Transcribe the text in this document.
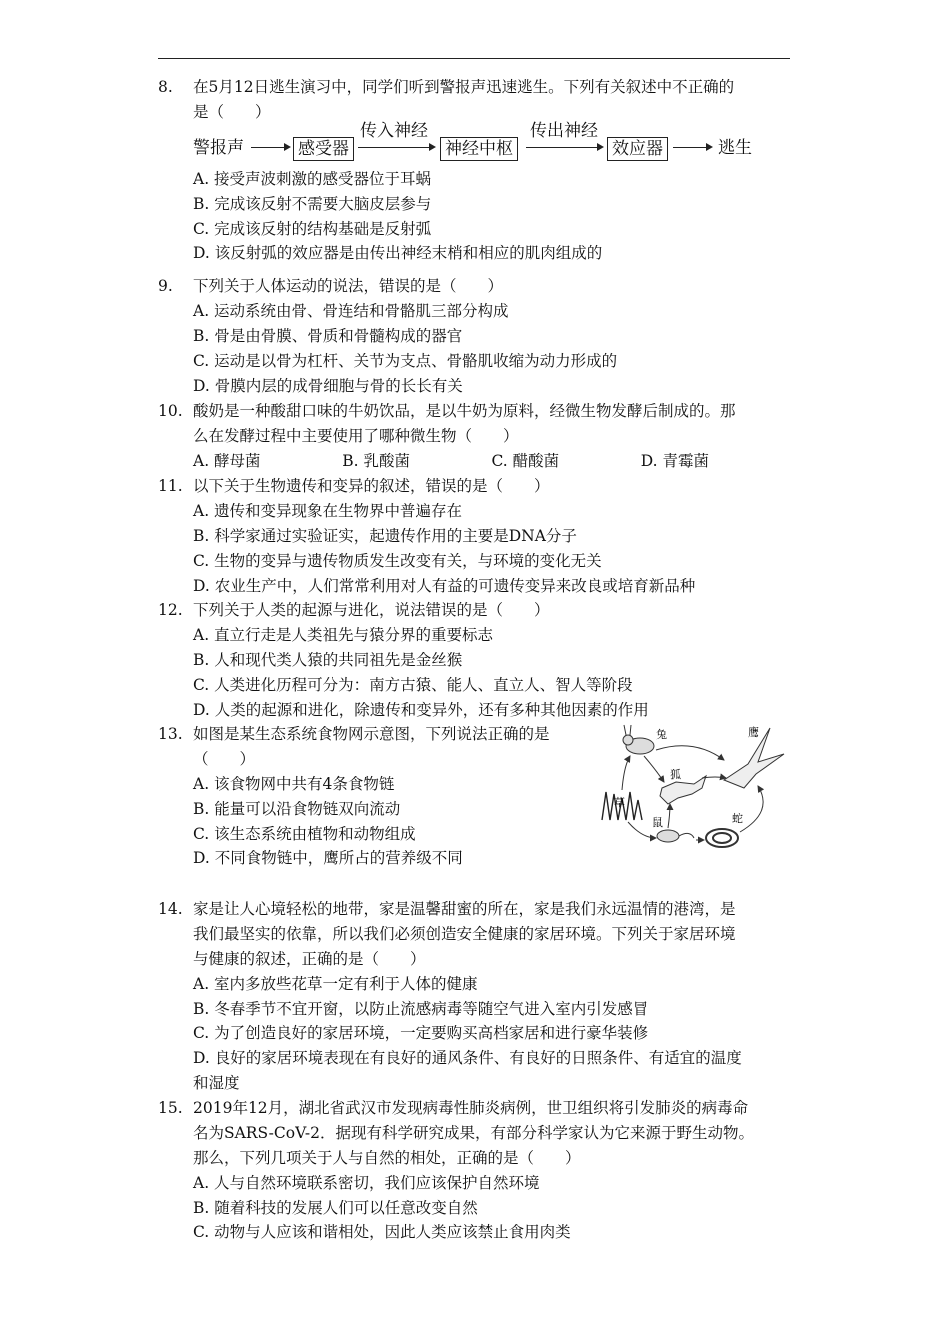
8. 在5月12日逃生演习中，同学们听到警报声迅速逃生。下列有关叙述中不正确的
是（　　）
警报声	感受器
传入神经
神经中枢
传出神经
效应器	逃生
A. 接受声波刺激的感受器位于耳蜗
B. 完成该反射不需要大脑皮层参与
C. 完成该反射的结构基础是反射弧
D. 该反射弧的效应器是由传出神经末梢和相应的肌肉组成的
9. 下列关于人体运动的说法，错误的是（　　）
A. 运动系统由骨、骨连结和骨骼肌三部分构成
B. 骨是由骨膜、骨质和骨髓构成的器官
C. 运动是以骨为杠杆、关节为支点、骨骼肌收缩为动力形成的
D. 骨膜内层的成骨细胞与骨的长长有关
10. 酸奶是一种酸甜口味的牛奶饮品，是以牛奶为原料，经微生物发酵后制成的。那
么在发酵过程中主要使用了哪种微生物（　　）
A. 酵母菌	B. 乳酸菌	C. 醋酸菌	D. 青霉菌
11. 以下关于生物遗传和变异的叙述，错误的是（　　）
A. 遗传和变异现象在生物界中普遍存在
B. 科学家通过实验证实，起遗传作用的主要是DNA分子
C. 生物的变异与遗传物质发生改变有关，与环境的变化无关
D. 农业生产中，人们常常利用对人有益的可遗传变异来改良或培育新品种
12. 下列关于人类的起源与进化，说法错误的是（　　）
A. 直立行走是人类祖先与猿分界的重要标志
B. 人和现代类人猿的共同祖先是金丝猴
C. 人类进化历程可分为：南方古猿、能人、直立人、智人等阶段
D. 人类的起源和进化，除遗传和变异外，还有多种其他因素的作用
13. 如图是某生态系统食物网示意图，下列说法正确的是
（　　）
A. 该食物网中共有4条食物链
B. 能量可以沿食物链双向流动
C. 该生态系统由植物和动物组成
D. 不同食物链中，鹰所占的营养级不同
兔	鹰
狐
草
鼠	蛇
14. 家是让人心境轻松的地带，家是温馨甜蜜的所在，家是我们永远温情的港湾，是
我们最坚实的依靠，所以我们必须创造安全健康的家居环境。下列关于家居环境
与健康的叙述，正确的是（　　）
A. 室内多放些花草一定有利于人体的健康
B. 冬春季节不宜开窗，以防止流感病毒等随空气进入室内引发感冒
C. 为了创造良好的家居环境，一定要购买高档家居和进行豪华装修
D. 良好的家居环境表现在有良好的通风条件、有良好的日照条件、有适宜的温度
和湿度
15. 2019年12月，湖北省武汉市发现病毒性肺炎病例，世卫组织将引发肺炎的病毒命
名为SARS-CoV-2．据现有科学研究成果，有部分科学家认为它来源于野生动物。
那么，下列几项关于人与自然的相处，正确的是（　　）
A. 人与自然环境联系密切，我们应该保护自然环境
B. 随着科技的发展人们可以任意改变自然
C. 动物与人应该和谐相处，因此人类应该禁止食用肉类
